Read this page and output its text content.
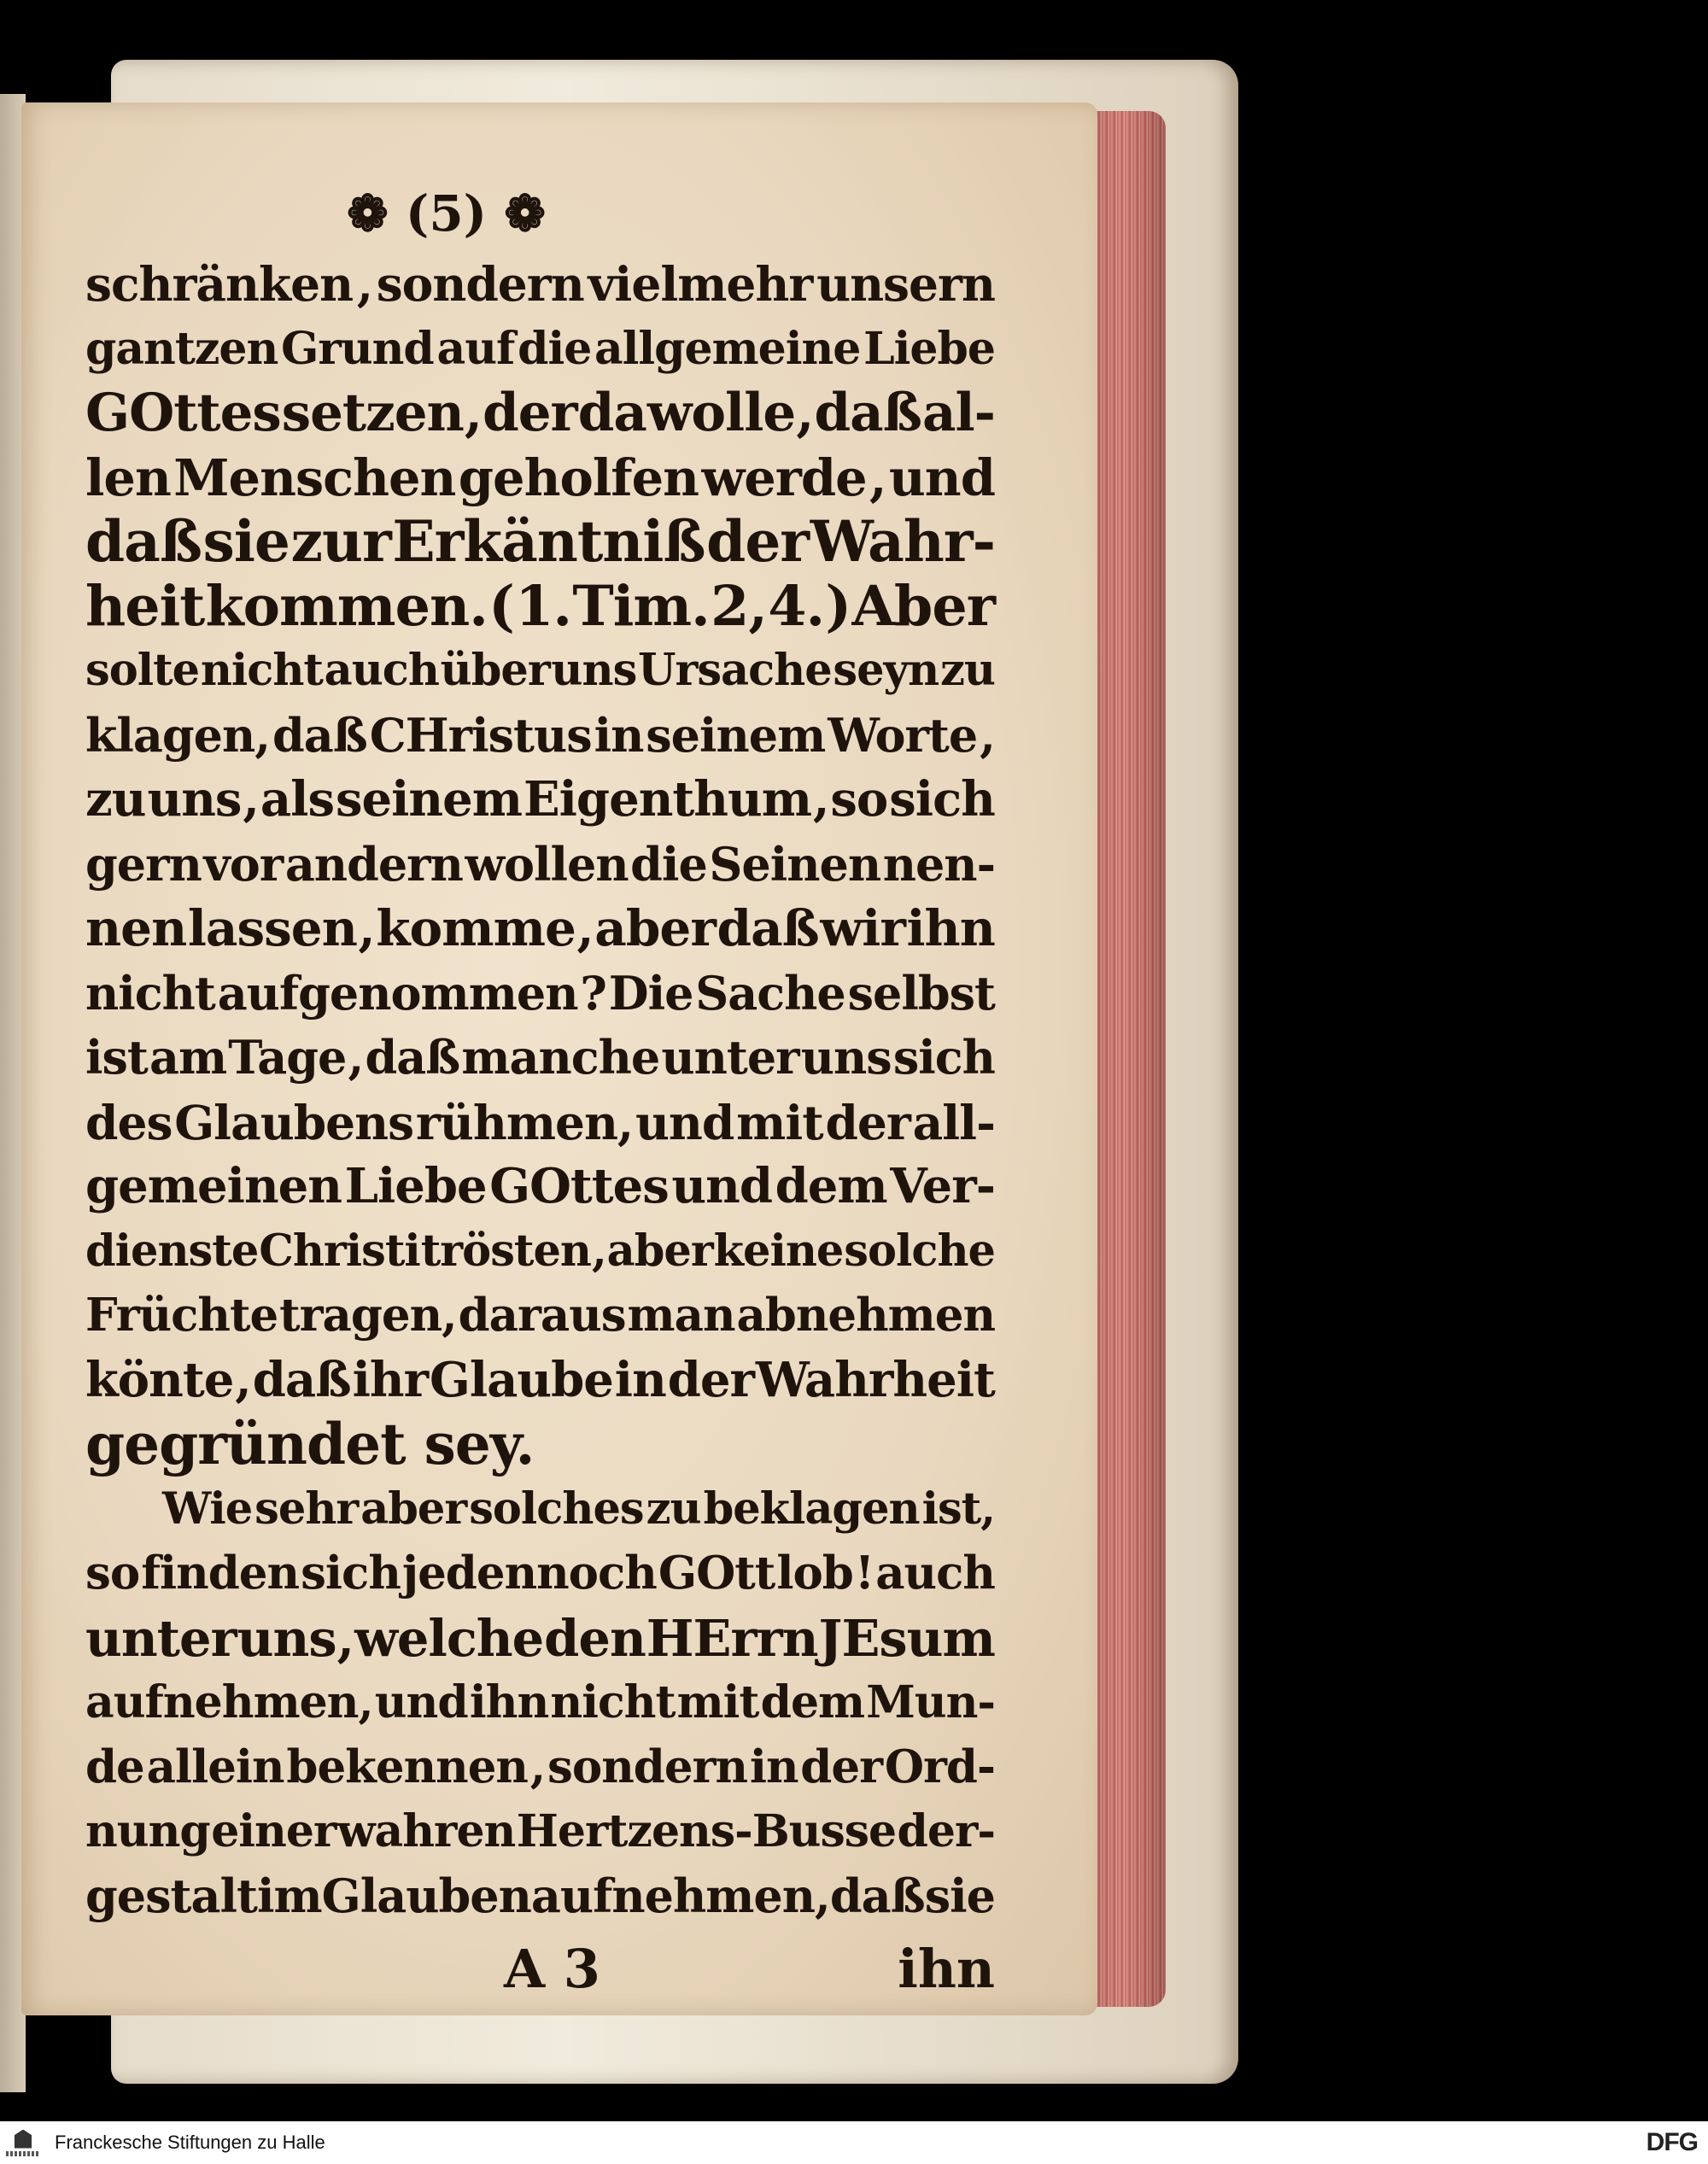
❁ (5) ❁
schränken , sondern vielmehr unsern
gantzen Grund auf die allgemeine Liebe
GOttes setzen , der da wolle , daß al-
len Menschen geholfen werde , und
daß sie zur Erkäntniß der Wahr-
heit kommen. ( 1. Tim. 2, 4. ) Aber
solte nicht auch über uns Ursache seyn zu
klagen, daß CHristus in seinem Worte ,
zu uns , als seinem Eigenthum , so sich
gern vor andern wollen die Seinen nen-
nen lassen , komme , aber daß wir ihn
nicht aufgenommen ? Die Sache selbst
ist am Tage , daß manche unter uns sich
des Glaubens rühmen, und mit der all-
gemeinen Liebe GOttes und dem Ver-
dienste Christi trösten , aber keine solche
Früchte tragen, daraus man abnehmen
könte , daß ihr Glaube in der Wahrheit
gegründet sey.
Wie sehr aber solches zu beklagen ist,
so finden sich jedennoch GOtt lob ! auch
unter uns , welche den HErrn JEsum
aufnehmen, und ihn nicht mit dem Mun-
de allein bekennen , sondern in der Ord-
nung einer wahren Hertzens-Busse der-
gestalt im Glauben aufnehmen, daß sie
A 3	ihn
Franckesche Stiftungen zu Halle	DFG
